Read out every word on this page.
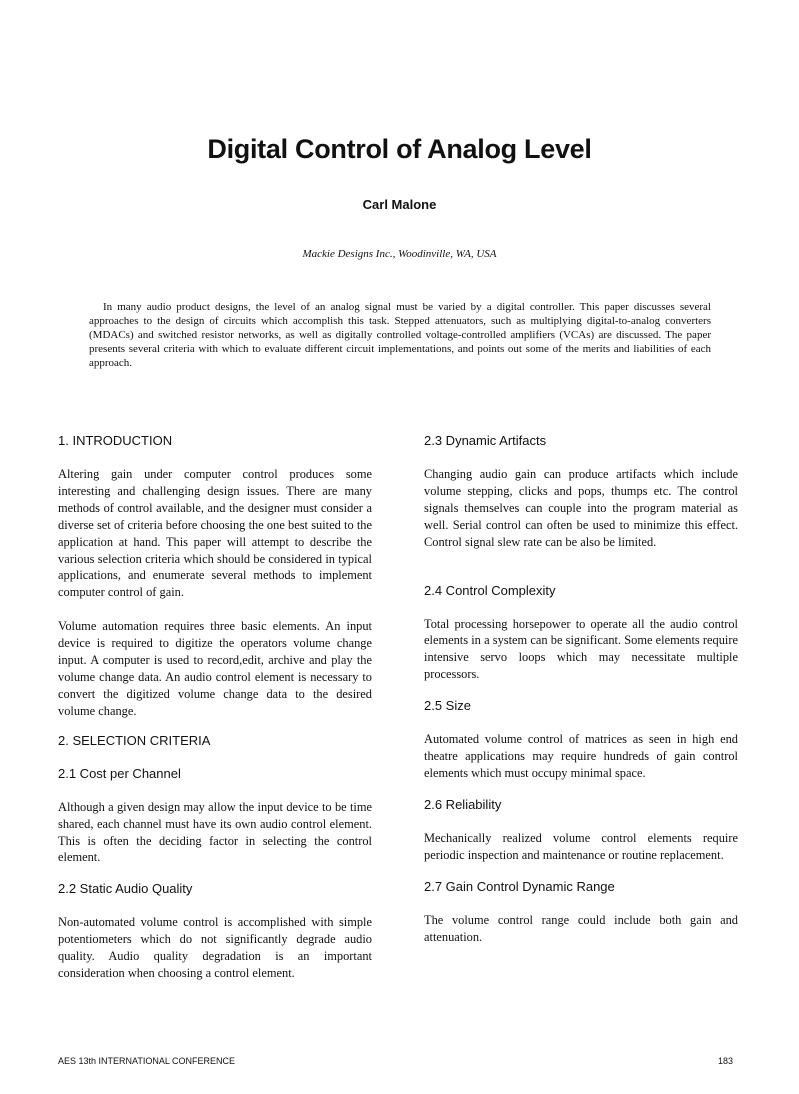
Digital Control of Analog Level
Carl Malone
Mackie Designs Inc., Woodinville, WA, USA

In many audio product designs, the level of an analog signal must be varied by a digital controller. This paper discusses several approaches to the design of circuits which accomplish this task. Stepped attenuators, such as multiplying digital-to-analog converters (MDACs) and switched resistor networks, as well as digitally controlled voltage-controlled amplifiers (VCAs) are discussed. The paper presents several criteria with which to evaluate different circuit implementations, and points out some of the merits and liabilities of each approach.

1. INTRODUCTION

Altering gain under computer control produces some interesting and challenging design issues. There are many methods of control available, and the designer must consider a diverse set of criteria before choosing the one best suited to the application at hand. This paper will attempt to describe the various selection criteria which should be considered in typical applications, and enumerate several methods to implement computer control of gain.

Volume automation requires three basic elements. An input device is required to digitize the operators volume change input. A computer is used to record,edit, archive and play the volume change data. An audio control element is necessary to convert the digitized volume change data to the desired volume change.

2. SELECTION CRITERIA
2.1 Cost per Channel

Although a given design may allow the input device to be time shared, each channel must have its own audio control element. This is often the deciding factor in selecting the control element.

2.2 Static Audio Quality

Non-automated volume control is accomplished with simple potentiometers which do not significantly degrade audio quality. Audio quality degradation is an important consideration when choosing a control element.

2.3 Dynamic Artifacts

Changing audio gain can produce artifacts which include volume stepping, clicks and pops, thumps etc. The control signals themselves can couple into the program material as well. Serial control can often be used to minimize this effect. Control signal slew rate can be also be limited.

2.4 Control Complexity

Total processing horsepower to operate all the audio control elements in a system can be significant. Some elements require intensive servo loops which may necessitate multiple processors.

2.5 Size

Automated volume control of matrices as seen in high end theatre applications may require hundreds of gain control elements which must occupy minimal space.

2.6 Reliability

Mechanically realized volume control elements require periodic inspection and maintenance or routine replacement.

2.7 Gain Control Dynamic Range

The volume control range could include both gain and attenuation.

AES 13th INTERNATIONAL CONFERENCE	183
